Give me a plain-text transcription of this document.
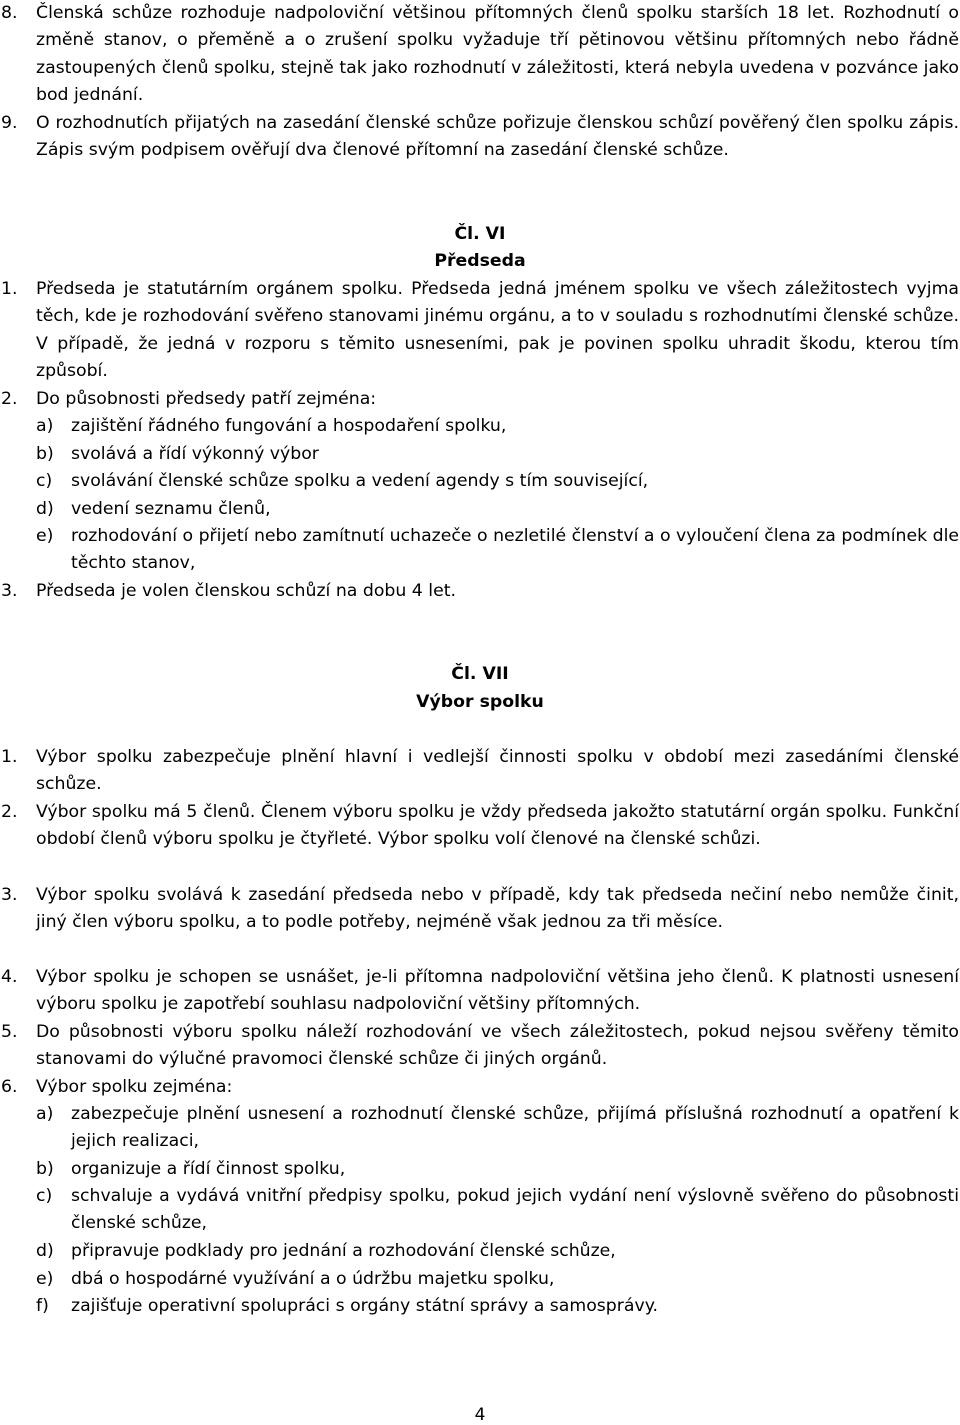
8. Členská schůze rozhoduje nadpoloviční většinou přítomných členů spolku starších 18 let. Rozhodnutí o změně stanov, o přeměně a o zrušení spolku vyžaduje tří pětinovou většinu přítomných nebo řádně zastoupených členů spolku, stejně tak jako rozhodnutí v záležitosti, která nebyla uvedena v pozvánce jako bod jednání.
9. O rozhodnutích přijatých na zasedání členské schůze pořizuje členskou schůzí pověřený člen spolku zápis. Zápis svým podpisem ověřují dva členové přítomní na zasedání členské schůze.
Čl. VI
Předseda
1. Předseda je statutárním orgánem spolku. Předseda jedná jménem spolku ve všech záležitostech vyjma těch, kde je rozhodování svěřeno stanovami jinému orgánu, a to v souladu s rozhodnutími členské schůze. V případě, že jedná v rozporu s těmito usneseními, pak je povinen spolku uhradit škodu, kterou tím způsobí.
2. Do působnosti předsedy patří zejména:
a) zajištění řádného fungování a hospodaření spolku,
b) svolává a řídí výkonný výbor
c) svolávání členské schůze spolku a vedení agendy s tím související,
d) vedení seznamu členů,
e) rozhodování o přijetí nebo zamítnutí uchazeče o nezletilé členství a o vyloučení člena za podmínek dle těchto stanov,
3. Předseda je volen členskou schůzí na dobu 4 let.
Čl. VII
Výbor spolku
1. Výbor spolku zabezpečuje plnění hlavní i vedlejší činnosti spolku v období mezi zasedáními členské schůze.
2. Výbor spolku má 5 členů. Členem výboru spolku je vždy předseda jakožto statutární orgán spolku. Funkční období členů výboru spolku je čtyřleté. Výbor spolku volí členové na členské schůzi.
3. Výbor spolku svolává k zasedání předseda nebo v případě, kdy tak předseda nečiní nebo nemůže činit, jiný člen výboru spolku, a to podle potřeby, nejméně však jednou za tři měsíce.
4. Výbor spolku je schopen se usnášet, je-li přítomna nadpoloviční většina jeho členů. K platnosti usnesení výboru spolku je zapotřebí souhlasu nadpoloviční většiny přítomných.
5. Do působnosti výboru spolku náleží rozhodování ve všech záležitostech, pokud nejsou svěřeny těmito stanovami do výlučné pravomoci členské schůze či jiných orgánů.
6. Výbor spolku zejména:
a) zabezpečuje plnění usnesení a rozhodnutí členské schůze, přijímá příslušná rozhodnutí a opatření k jejich realizaci,
b) organizuje a řídí činnost spolku,
c) schvaluje a vydává vnitřní předpisy spolku, pokud jejich vydání není výslovně svěřeno do působnosti členské schůze,
d) připravuje podklady pro jednání a rozhodování členské schůze,
e) dbá o hospodárné využívání a o údržbu majetku spolku,
f) zajišťuje operativní spolupráci s orgány státní správy a samosprávy.
4
